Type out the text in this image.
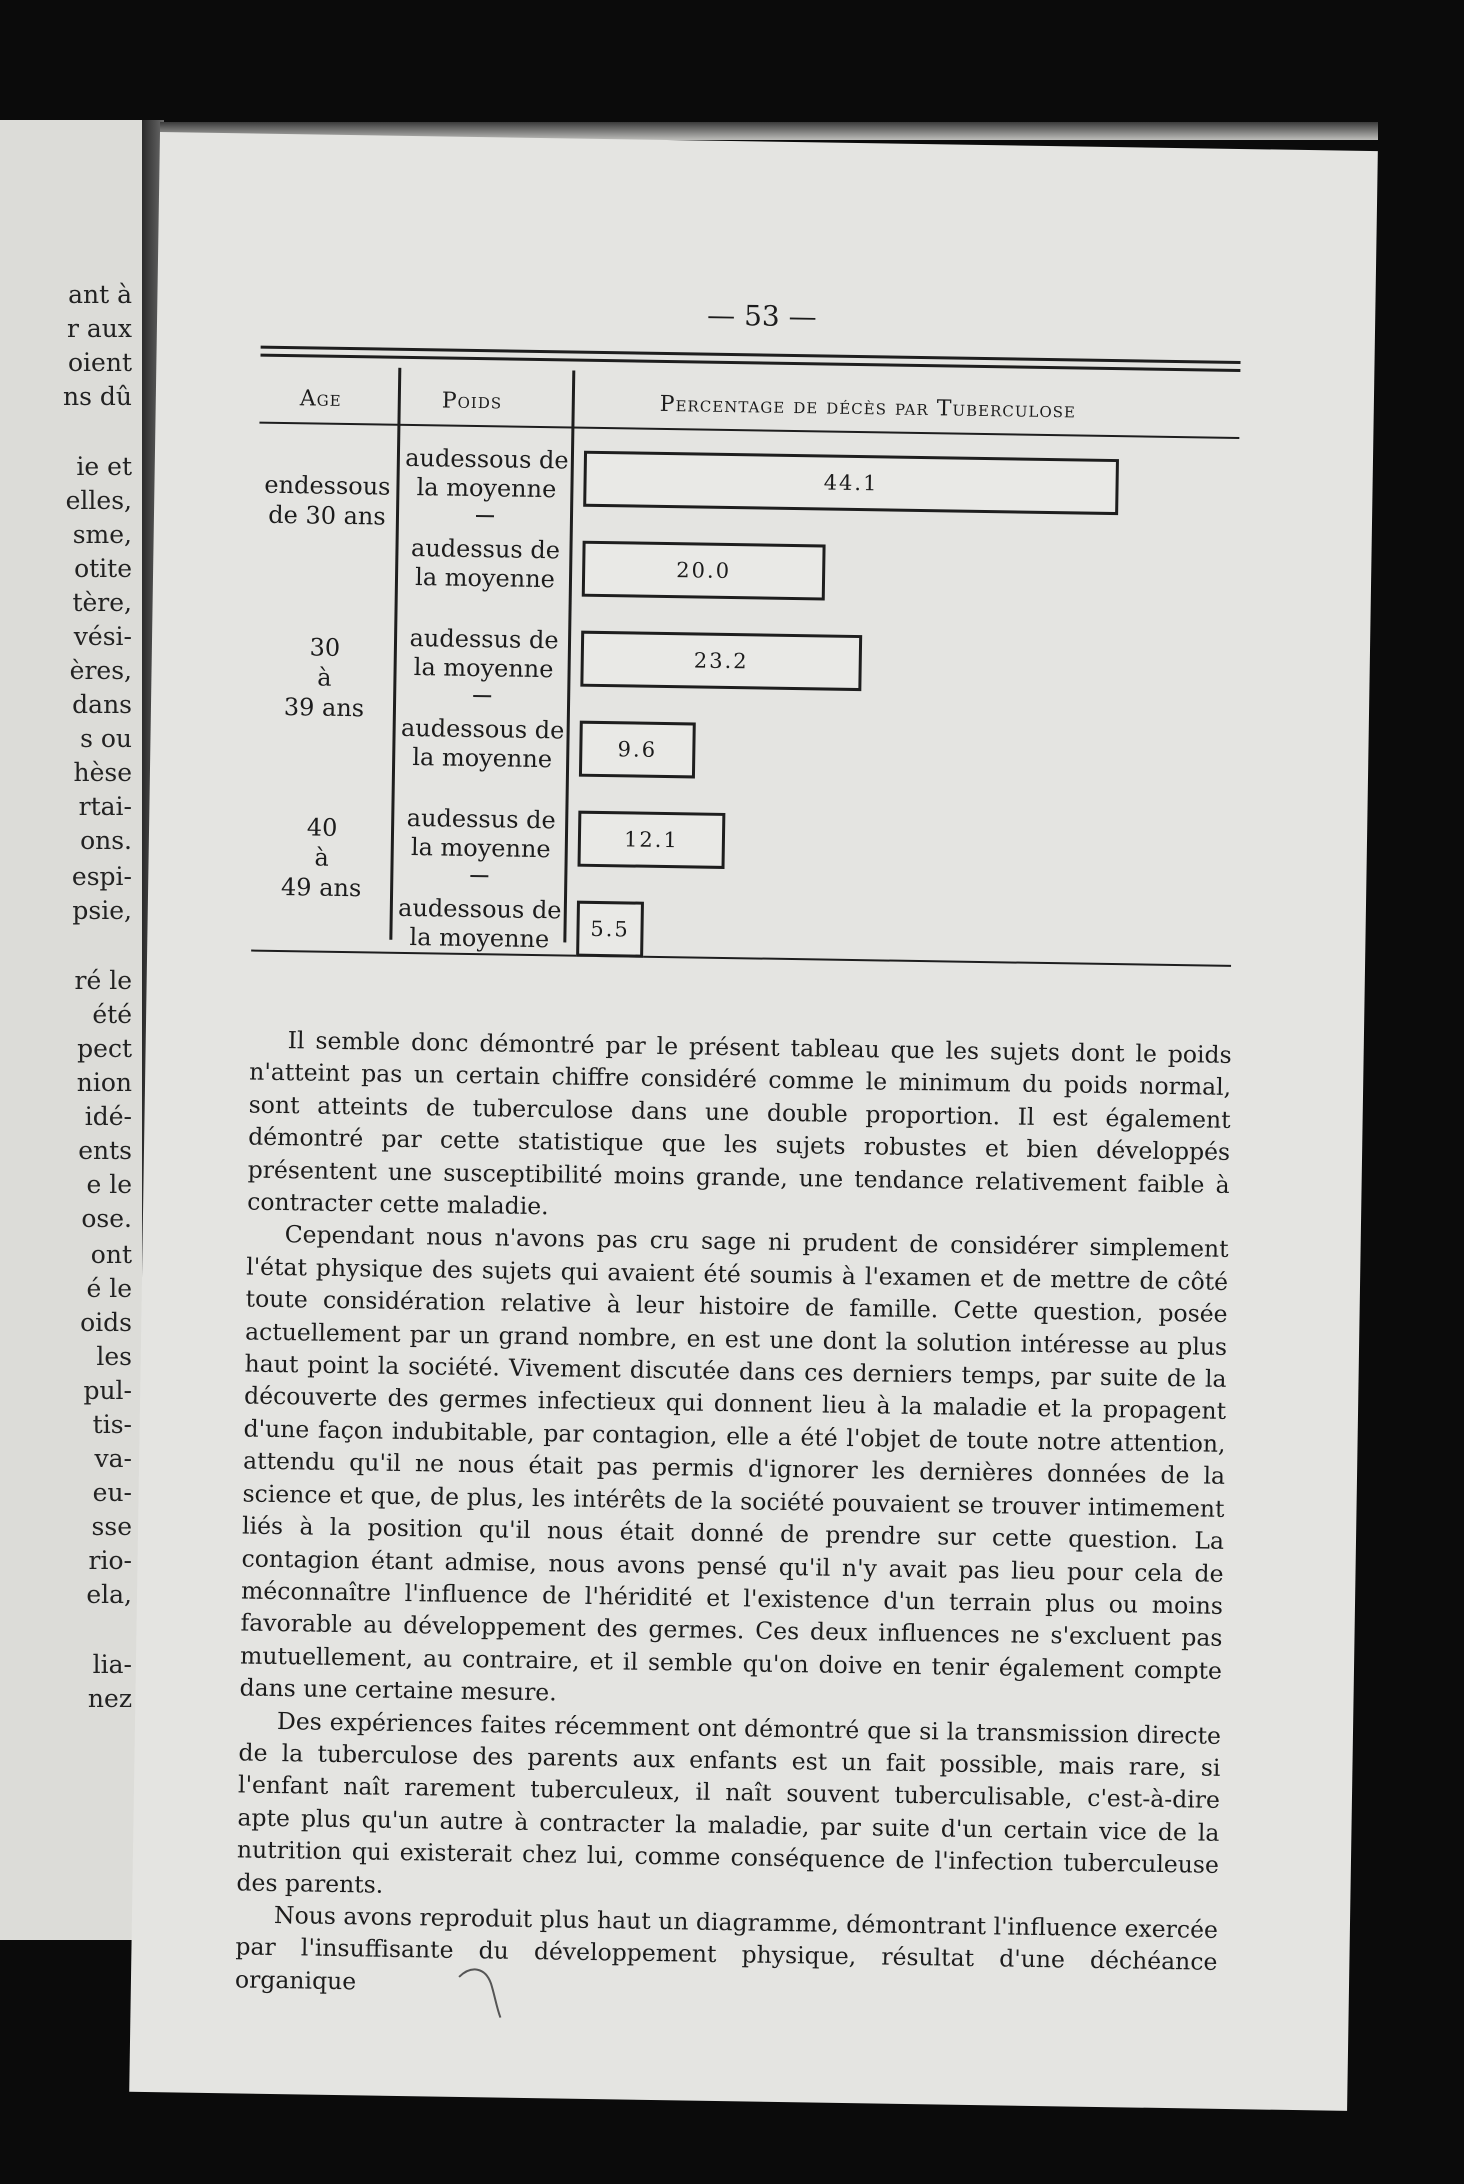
ant à
r aux
oient
ns dû
ie et
elles,
sme,
otite
tère,
vési-
ères,
dans
s ou
hèse
rtai-
ons.
espi-
psie,
ré le
été
pect
nion
idé-
ents
e le
ose.
ont
é le
oids
les
pul-
tis-
va-
eu-
sse
rio-
ela,
lia-
nez
— 53 —
Age	Poids	Percentage de décès par Tuberculose
endessous
de 30 ans
audessous de la moyenne	44.1
audessus de la moyenne	20.0
30
à
39 ans
audessus de la moyenne	23.2
audessous de la moyenne	9.6
40
à
49 ans
audessus de la moyenne	12.1
audessous de la moyenne	5.5

Il semble donc démontré par le présent tableau que les sujets dont le poids n'atteint pas un certain chiffre considéré comme le minimum du poids normal, sont atteints de tuberculose dans une double proportion. Il est également démontré par cette statistique que les sujets robustes et bien développés présentent une susceptibilité moins grande, une tendance relativement faible à contracter cette maladie.

Cependant nous n'avons pas cru sage ni prudent de considérer simplement l'état physique des sujets qui avaient été soumis à l'examen et de mettre de côté toute considération relative à leur histoire de famille. Cette question, posée actuellement par un grand nombre, en est une dont la solution intéresse au plus haut point la société. Vivement discutée dans ces derniers temps, par suite de la découverte des germes infectieux qui donnent lieu à la maladie et la propagent d'une façon indubitable, par contagion, elle a été l'objet de toute notre attention, attendu qu'il ne nous était pas permis d'ignorer les dernières données de la science et que, de plus, les intérêts de la société pouvaient se trouver intimement liés à la position qu'il nous était donné de prendre sur cette question. La contagion étant admise, nous avons pensé qu'il n'y avait pas lieu pour cela de méconnaître l'influence de l'héridité et l'existence d'un terrain plus ou moins favorable au développement des germes. Ces deux influences ne s'excluent pas mutuellement, au contraire, et il semble qu'on doive en tenir également compte dans une certaine mesure.

Des expériences faites récemment ont démontré que si la transmission directe de la tuberculose des parents aux enfants est un fait possible, mais rare, si l'enfant naît rarement tuberculeux, il naît souvent tuberculisable, c'est-à-dire apte plus qu'un autre à contracter la maladie, par suite d'un certain vice de la nutrition qui existerait chez lui, comme conséquence de l'infection tuberculeuse des parents.

Nous avons reproduit plus haut un diagramme, démontrant l'influence exercée par l'insuffisante du développement physique, résultat d'une déchéance organique
